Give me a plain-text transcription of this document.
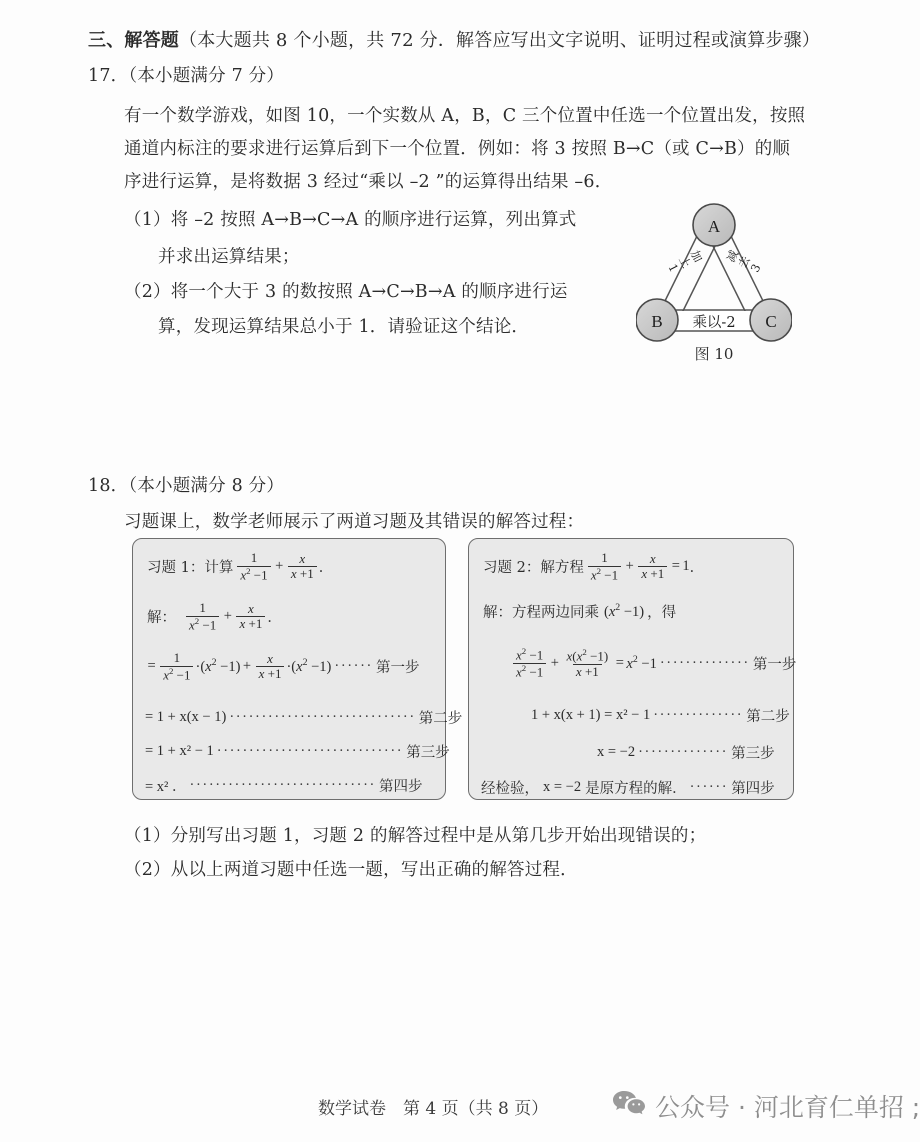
三、解答题（本大题共 8 个小题，共 72 分．解答应写出文字说明、证明过程或演算步骤）
17．（本小题满分 7 分）
有一个数学游戏，如图 10，一个实数从 A，B，C 三个位置中任选一个位置出发，按照
通道内标注的要求进行运算后到下一个位置．例如：将 3 按照 B→C（或 C→B）的顺
序进行运算，是将数据 3 经过“乘以 –2 ”的运算得出结果 –6．
（1）将 –2 按照 A→B→C→A 的顺序进行运算，列出算式
并求出运算结果；
（2）将一个大于 3 的数按照 A→C→B→A 的顺序进行运
算，发现运算结果总小于 1．请验证这个结论．
A
B	C
加上1
减去3
乘以-2
图 10
18．（本小题满分 8 分）
习题课上，数学老师展示了两道习题及其错误的解答过程：
习题 1：计算 $\frac{1}{x^2 -1} + \frac{x}{x +1}$ ．
解： $\frac{1}{x^2 -1} + \frac{x}{x +1}$ ．
= $\frac{1}{x^2 -1} \cdot(x^2 -1) + \frac{x}{x +1} \cdot(x^2 -1)$ ······ 第一步
= 1 + x(x − 1) ····························· 第二步
= 1 + x² − 1 ····························· 第三步
= x² ． ····························· 第四步
习题 2：解方程 $\frac{1}{x^2 -1} + \frac{x}{x +1} = 1$ ．
解：方程两边同乘 $(x^2 -1)$ ，得
$\frac{x^2 -1}{x^2 -1} + \frac{x(x^2 -1)}{x +1} = x^2 -1$ ·············· 第一步
1 + x(x + 1) = x² − 1 ·············· 第二步
x = −2 ·············· 第三步
经检验， x = −2 是原方程的解． ······ 第四步
（1）分别写出习题 1，习题 2 的解答过程中是从第几步开始出现错误的；
（2）从以上两道习题中任选一题，写出正确的解答过程．
数学试卷　第 4 页（共 8 页）	公众号 · 河北育仁单招 ;
